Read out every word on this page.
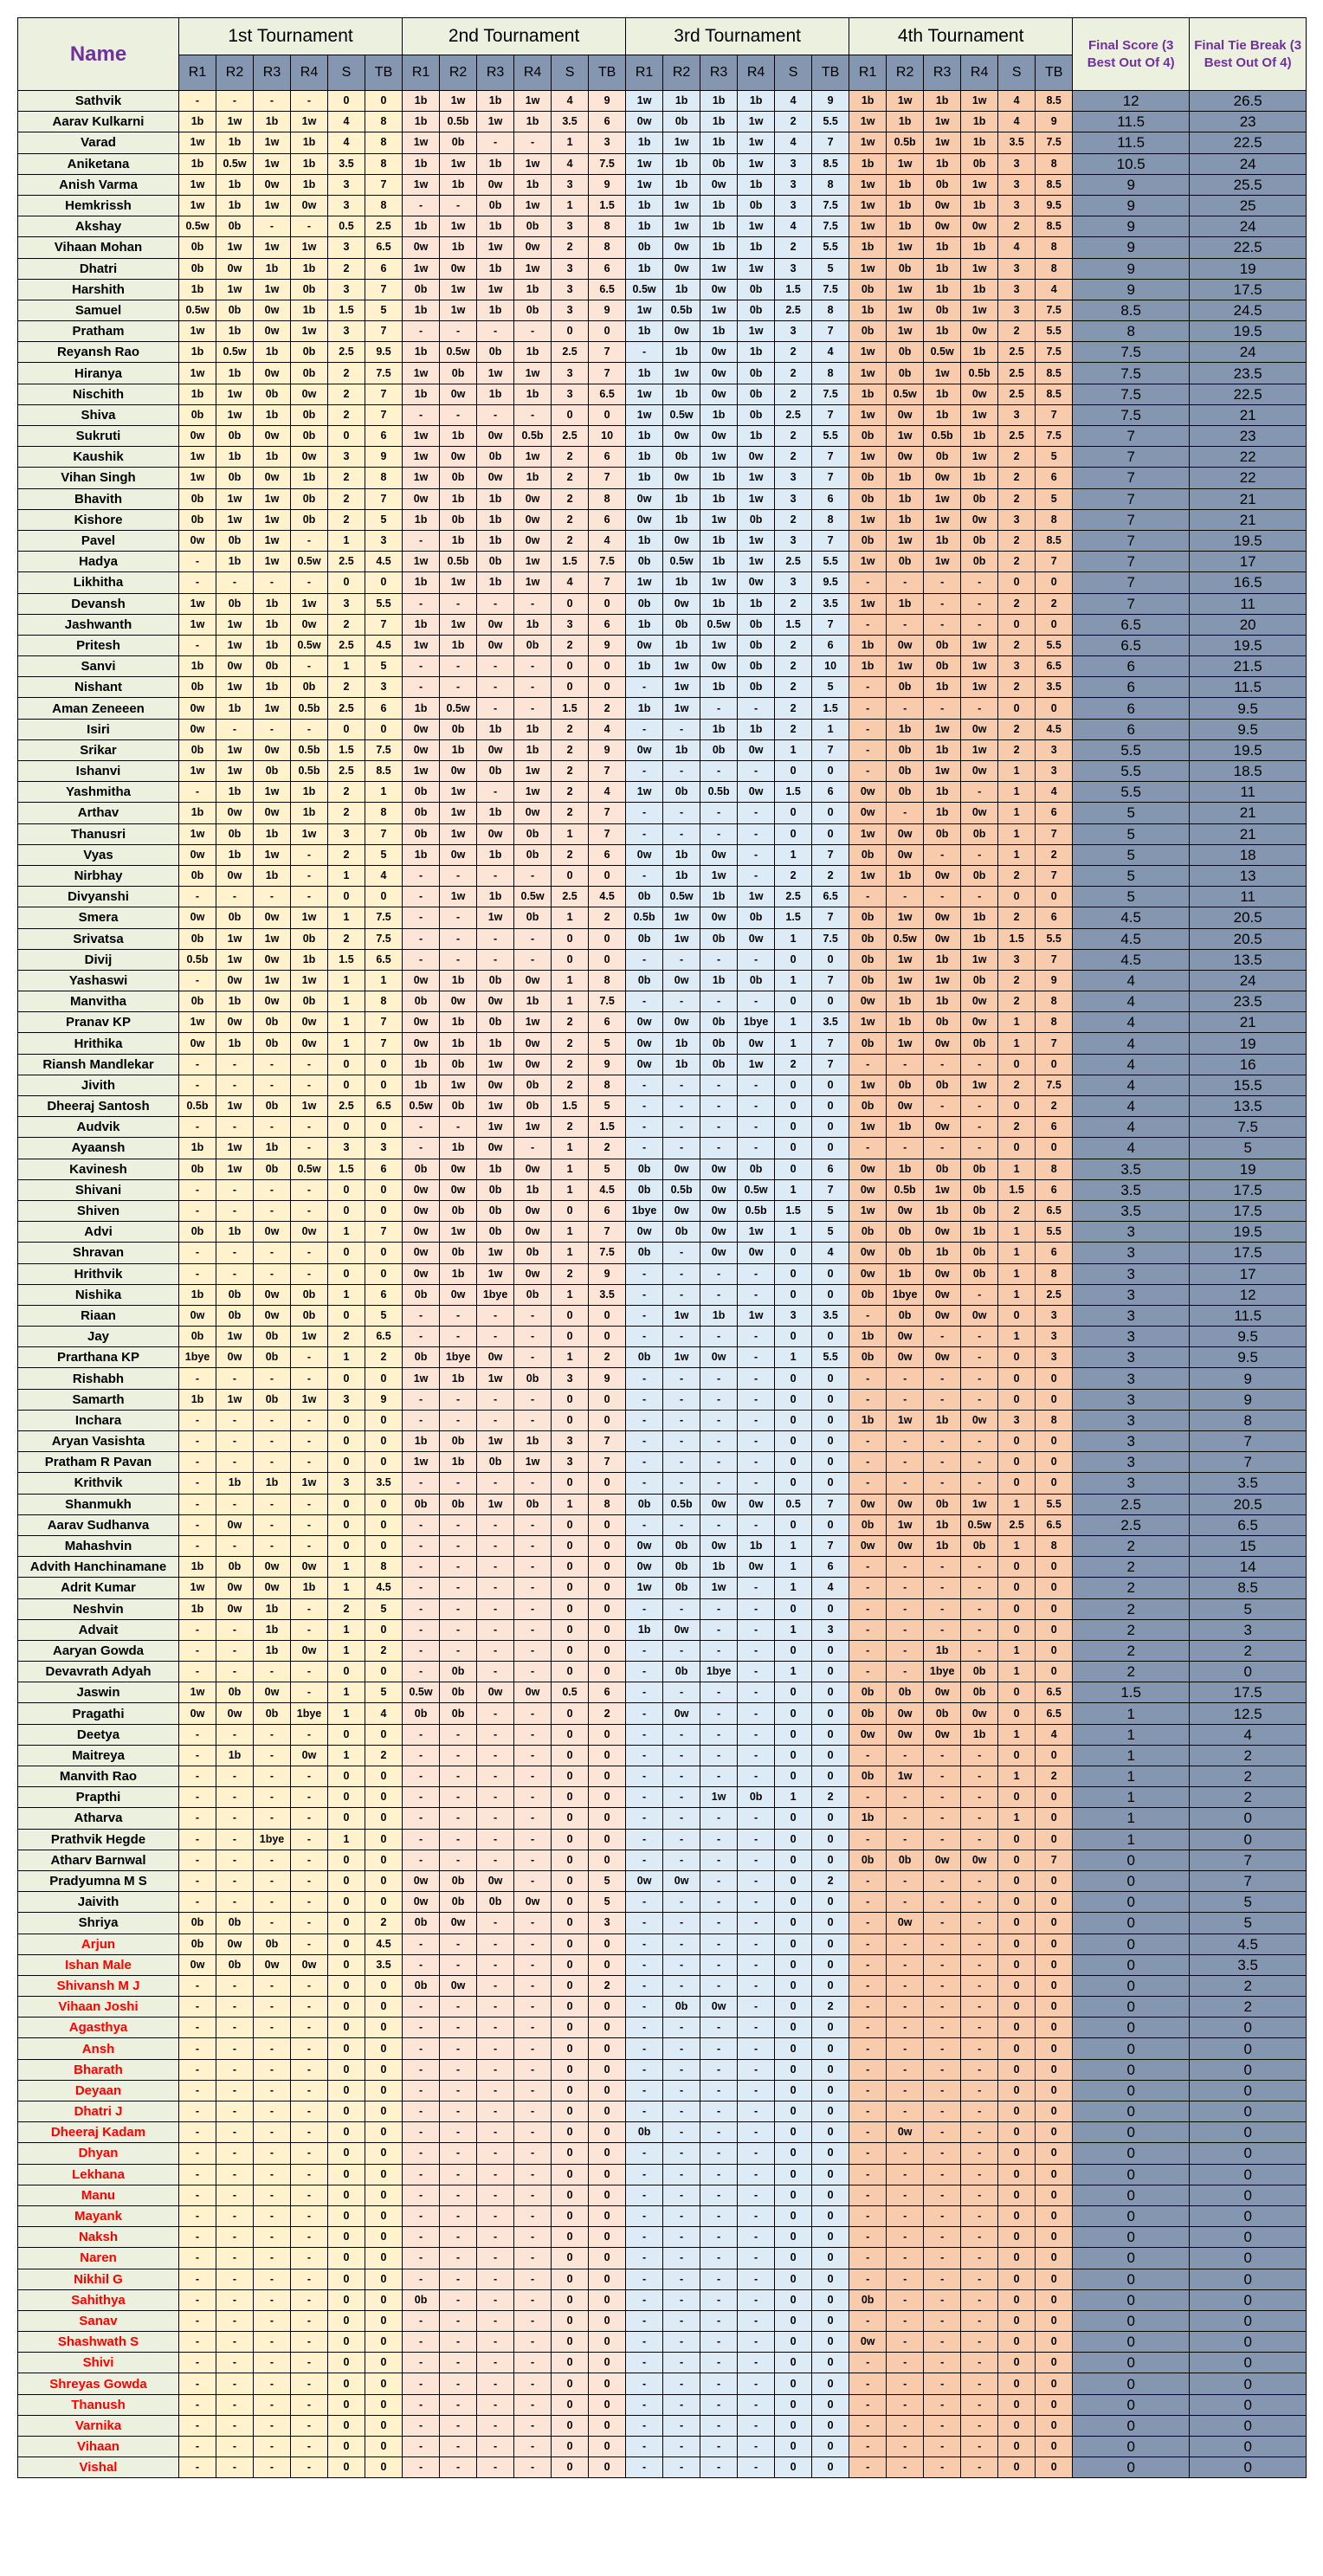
Name	1st Tournament						2nd Tournament						3rd Tournament						4th Tournament						Final Score (3 Best Out Of 4)	Final Tie Break (3 Best Out Of 4)
	R1	R2	R3	R4	S	TB	R1	R2	R3	R4	S	TB	R1	R2	R3	R4	S	TB	R1	R2	R3	R4	S	TB		
Sathvik	-	-	-	-	0	0	1b	1w	1b	1w	4	9	1w	1b	1b	1b	4	9	1b	1w	1b	1w	4	8.5	12	26.5
Aarav Kulkarni	1b	1w	1b	1w	4	8	1b	0.5b	1w	1b	3.5	6	0w	0b	1b	1w	2	5.5	1w	1b	1w	1b	4	9	11.5	23
Varad	1w	1b	1w	1b	4	8	1w	0b	-	-	1	3	1b	1w	1b	1w	4	7	1w	0.5b	1w	1b	3.5	7.5	11.5	22.5
Aniketana	1b	0.5w	1w	1b	3.5	8	1b	1w	1b	1w	4	7.5	1w	1b	0b	1w	3	8.5	1b	1w	1b	0b	3	8	10.5	24
Anish Varma	1w	1b	0w	1b	3	7	1w	1b	0w	1b	3	9	1w	1b	0w	1b	3	8	1w	1b	0b	1w	3	8.5	9	25.5
Hemkrissh	1w	1b	1w	0w	3	8	-	-	0b	1w	1	1.5	1b	1w	1b	0b	3	7.5	1w	1b	0w	1b	3	9.5	9	25
Akshay	0.5w	0b	-	-	0.5	2.5	1b	1w	1b	0b	3	8	1b	1w	1b	1w	4	7.5	1w	1b	0w	0w	2	8.5	9	24
Vihaan Mohan	0b	1w	1w	1w	3	6.5	0w	1b	1w	0w	2	8	0b	0w	1b	1b	2	5.5	1b	1w	1b	1b	4	8	9	22.5
Dhatri	0b	0w	1b	1b	2	6	1w	0w	1b	1w	3	6	1b	0w	1w	1w	3	5	1w	0b	1b	1w	3	8	9	19
Harshith	1b	1w	1w	0b	3	7	0b	1w	1w	1b	3	6.5	0.5w	1b	0w	0b	1.5	7.5	0b	1w	1b	1b	3	4	9	17.5
Samuel	0.5w	0b	0w	1b	1.5	5	1b	1w	1b	0b	3	9	1w	0.5b	1w	0b	2.5	8	1b	1w	0b	1w	3	7.5	8.5	24.5
Pratham	1w	1b	0w	1w	3	7	-	-	-	-	0	0	1b	0w	1b	1w	3	7	0b	1w	1b	0w	2	5.5	8	19.5
Reyansh Rao	1b	0.5w	1b	0b	2.5	9.5	1b	0.5w	0b	1b	2.5	7	-	1b	0w	1b	2	4	1w	0b	0.5w	1b	2.5	7.5	7.5	24
Hiranya	1w	1b	0w	0b	2	7.5	1w	0b	1w	1w	3	7	1b	1w	0w	0b	2	8	1w	0b	1w	0.5b	2.5	8.5	7.5	23.5
Nischith	1b	1w	0b	0w	2	7	1b	0w	1b	1b	3	6.5	1w	1b	0w	0b	2	7.5	1b	0.5w	1b	0w	2.5	8.5	7.5	22.5
Shiva	0b	1w	1b	0b	2	7	-	-	-	-	0	0	1w	0.5w	1b	0b	2.5	7	1w	0w	1b	1w	3	7	7.5	21
Sukruti	0w	0b	0w	0b	0	6	1w	1b	0w	0.5b	2.5	10	1b	0w	0w	1b	2	5.5	0b	1w	0.5b	1b	2.5	7.5	7	23
Kaushik	1w	1b	1b	0w	3	9	1w	0w	0b	1w	2	6	1b	0b	1w	0w	2	7	1w	0w	0b	1w	2	5	7	22
Vihan Singh	1w	0b	0w	1b	2	8	1w	0b	0w	1b	2	7	1b	0w	1b	1w	3	7	0b	1b	0w	1b	2	6	7	22
Bhavith	0b	1w	1w	0b	2	7	0w	1b	1b	0w	2	8	0w	1b	1b	1w	3	6	0b	1b	1w	0b	2	5	7	21
Kishore	0b	1w	1w	0b	2	5	1b	0b	1b	0w	2	6	0w	1b	1w	0b	2	8	1w	1b	1w	0w	3	8	7	21
Pavel	0w	0b	1w	-	1	3	-	1b	1b	0w	2	4	1b	0w	1b	1w	3	7	0b	1w	1b	0b	2	8.5	7	19.5
Hadya	-	1b	1w	0.5w	2.5	4.5	1w	0.5b	0b	1w	1.5	7.5	0b	0.5w	1b	1w	2.5	5.5	1w	0b	1w	0b	2	7	7	17
Likhitha	-	-	-	-	0	0	1b	1w	1b	1w	4	7	1w	1b	1w	0w	3	9.5	-	-	-	-	0	0	7	16.5
Devansh	1w	0b	1b	1w	3	5.5	-	-	-	-	0	0	0b	0w	1b	1b	2	3.5	1w	1b	-	-	2	2	7	11
Jashwanth	1w	1w	1b	0w	2	7	1b	1w	0w	1b	3	6	1b	0b	0.5w	0b	1.5	7	-	-	-	-	0	0	6.5	20
Pritesh	-	1w	1b	0.5w	2.5	4.5	1w	1b	0w	0b	2	9	0w	1b	1w	0b	2	6	1b	0w	0b	1w	2	5.5	6.5	19.5
Sanvi	1b	0w	0b	-	1	5	-	-	-	-	0	0	1b	1w	0w	0b	2	10	1b	1w	0b	1w	3	6.5	6	21.5
Nishant	0b	1w	1b	0b	2	3	-	-	-	-	0	0	-	1w	1b	0b	2	5	-	0b	1b	1w	2	3.5	6	11.5
Aman Zeneeen	0w	1b	1w	0.5b	2.5	6	1b	0.5w	-	-	1.5	2	1b	1w	-	-	2	1.5	-	-	-	-	0	0	6	9.5
Isiri	0w	-	-	-	0	0	0w	0b	1b	1b	2	4	-	-	1b	1b	2	1	-	1b	1w	0w	2	4.5	6	9.5
Srikar	0b	1w	0w	0.5b	1.5	7.5	0w	1b	0w	1b	2	9	0w	1b	0b	0w	1	7	-	0b	1b	1w	2	3	5.5	19.5
Ishanvi	1w	1w	0b	0.5b	2.5	8.5	1w	0w	0b	1w	2	7	-	-	-	-	0	0	-	0b	1w	0w	1	3	5.5	18.5
Yashmitha	-	1b	1w	1b	2	1	0b	1w	-	1w	2	4	1w	0b	0.5b	0w	1.5	6	0w	0b	1b	-	1	4	5.5	11
Arthav	1b	0w	0w	1b	2	8	0b	1w	1b	0w	2	7	-	-	-	-	0	0	0w	-	1b	0w	1	6	5	21
Thanusri	1w	0b	1b	1w	3	7	0b	1w	0w	0b	1	7	-	-	-	-	0	0	1w	0w	0b	0b	1	7	5	21
Vyas	0w	1b	1w	-	2	5	1b	0w	1b	0b	2	6	0w	1b	0w	-	1	7	0b	0w	-	-	1	2	5	18
Nirbhay	0b	0w	1b	-	1	4	-	-	-	-	0	0	-	1b	1w	-	2	2	1w	1b	0w	0b	2	7	5	13
Divyanshi	-	-	-	-	0	0	-	1w	1b	0.5w	2.5	4.5	0b	0.5w	1b	1w	2.5	6.5	-	-	-	-	0	0	5	11
Smera	0w	0b	0w	1w	1	7.5	-	-	1w	0b	1	2	0.5b	1w	0w	0b	1.5	7	0b	1w	0w	1b	2	6	4.5	20.5
Srivatsa	0b	1w	1w	0b	2	7.5	-	-	-	-	0	0	0b	1w	0b	0w	1	7.5	0b	0.5w	0w	1b	1.5	5.5	4.5	20.5
Divij	0.5b	1w	0w	1b	1.5	6.5	-	-	-	-	0	0	-	-	-	-	0	0	0b	1w	1b	1w	3	7	4.5	13.5
Yashaswi	-	0w	1w	1w	1	1	0w	1b	0b	0w	1	8	0b	0w	1b	0b	1	7	0b	1w	1w	0b	2	9	4	24
Manvitha	0b	1b	0w	0b	1	8	0b	0w	0w	1b	1	7.5	-	-	-	-	0	0	0w	1b	1b	0w	2	8	4	23.5
Pranav KP	1w	0w	0b	0w	1	7	0w	1b	0b	1w	2	6	0w	0w	0b	1bye	1	3.5	1w	1b	0b	0w	1	8	4	21
Hrithika	0w	1b	0b	0w	1	7	0w	1b	1b	0w	2	5	0w	1b	0b	0w	1	7	0b	1w	0w	0b	1	7	4	19
Riansh Mandlekar	-	-	-	-	0	0	1b	0b	1w	0w	2	9	0w	1b	0b	1w	2	7	-	-	-	-	0	0	4	16
Jivith	-	-	-	-	0	0	1b	1w	0w	0b	2	8	-	-	-	-	0	0	1w	0b	0b	1w	2	7.5	4	15.5
Dheeraj Santosh	0.5b	1w	0b	1w	2.5	6.5	0.5w	0b	1w	0b	1.5	5	-	-	-	-	0	0	0b	0w	-	-	0	2	4	13.5
Audvik	-	-	-	-	0	0	-	-	1w	1w	2	1.5	-	-	-	-	0	0	1w	1b	0w	-	2	6	4	7.5
Ayaansh	1b	1w	1b	-	3	3	-	1b	0w	-	1	2	-	-	-	-	0	0	-	-	-	-	0	0	4	5
Kavinesh	0b	1w	0b	0.5w	1.5	6	0b	0w	1b	0w	1	5	0b	0w	0w	0b	0	6	0w	1b	0b	0b	1	8	3.5	19
Shivani	-	-	-	-	0	0	0w	0w	0b	1b	1	4.5	0b	0.5b	0w	0.5w	1	7	0w	0.5b	1w	0b	1.5	6	3.5	17.5
Shiven	-	-	-	-	0	0	0w	0b	0b	0w	0	6	1bye	0w	0w	0.5b	1.5	5	1w	0w	1b	0b	2	6.5	3.5	17.5
Advi	0b	1b	0w	0w	1	7	0w	1w	0b	0w	1	7	0w	0b	0w	1w	1	5	0b	0b	0w	1b	1	5.5	3	19.5
Shravan	-	-	-	-	0	0	0w	0b	1w	0b	1	7.5	0b	-	0w	0w	0	4	0w	0b	1b	0b	1	6	3	17.5
Hrithvik	-	-	-	-	0	0	0w	1b	1w	0w	2	9	-	-	-	-	0	0	0w	1b	0w	0b	1	8	3	17
Nishika	1b	0b	0w	0b	1	6	0b	0w	1bye	0b	1	3.5	-	-	-	-	0	0	0b	1bye	0w	-	1	2.5	3	12
Riaan	0w	0b	0w	0b	0	5	-	-	-	-	0	0	-	1w	1b	1w	3	3.5	-	0b	0w	0w	0	3	3	11.5
Jay	0b	1w	0b	1w	2	6.5	-	-	-	-	0	0	-	-	-	-	0	0	1b	0w	-	-	1	3	3	9.5
Prarthana KP	1bye	0w	0b	-	1	2	0b	1bye	0w	-	1	2	0b	1w	0w	-	1	5.5	0b	0w	0w	-	0	3	3	9.5
Rishabh	-	-	-	-	0	0	1w	1b	1w	0b	3	9	-	-	-	-	0	0	-	-	-	-	0	0	3	9
Samarth	1b	1w	0b	1w	3	9	-	-	-	-	0	0	-	-	-	-	0	0	-	-	-	-	0	0	3	9
Inchara	-	-	-	-	0	0	-	-	-	-	0	0	-	-	-	-	0	0	1b	1w	1b	0w	3	8	3	8
Aryan Vasishta	-	-	-	-	0	0	1b	0b	1w	1b	3	7	-	-	-	-	0	0	-	-	-	-	0	0	3	7
Pratham R Pavan	-	-	-	-	0	0	1w	1b	0b	1w	3	7	-	-	-	-	0	0	-	-	-	-	0	0	3	7
Krithvik	-	1b	1b	1w	3	3.5	-	-	-	-	0	0	-	-	-	-	0	0	-	-	-	-	0	0	3	3.5
Shanmukh	-	-	-	-	0	0	0b	0b	1w	0b	1	8	0b	0.5b	0w	0w	0.5	7	0w	0w	0b	1w	1	5.5	2.5	20.5
Aarav Sudhanva	-	0w	-	-	0	0	-	-	-	-	0	0	-	-	-	-	0	0	0b	1w	1b	0.5w	2.5	6.5	2.5	6.5
Mahashvin	-	-	-	-	0	0	-	-	-	-	0	0	0w	0b	0w	1b	1	7	0w	0w	1b	0b	1	8	2	15
Advith Hanchinamane	1b	0b	0w	0w	1	8	-	-	-	-	0	0	0w	0b	1b	0w	1	6	-	-	-	-	0	0	2	14
Adrit Kumar	1w	0w	0w	1b	1	4.5	-	-	-	-	0	0	1w	0b	1w	-	1	4	-	-	-	-	0	0	2	8.5
Neshvin	1b	0w	1b	-	2	5	-	-	-	-	0	0	-	-	-	-	0	0	-	-	-	-	0	0	2	5
Advait	-	-	1b	-	1	0	-	-	-	-	0	0	1b	0w	-	-	1	3	-	-	-	-	0	0	2	3
Aaryan Gowda	-	-	1b	0w	1	2	-	-	-	-	0	0	-	-	-	-	0	0	-	-	1b	-	1	0	2	2
Devavrath Adyah	-	-	-	-	0	0	-	0b	-	-	0	0	-	0b	1bye	-	1	0	-	-	1bye	0b	1	0	2	0
Jaswin	1w	0b	0w	-	1	5	0.5w	0b	0w	0w	0.5	6	-	-	-	-	0	0	0b	0b	0w	0b	0	6.5	1.5	17.5
Pragathi	0w	0w	0b	1bye	1	4	0b	0b	-	-	0	2	-	0w	-	-	0	0	0b	0w	0b	0w	0	6.5	1	12.5
Deetya	-	-	-	-	0	0	-	-	-	-	0	0	-	-	-	-	0	0	0w	0w	0w	1b	1	4	1	4
Maitreya	-	1b	-	0w	1	2	-	-	-	-	0	0	-	-	-	-	0	0	-	-	-	-	0	0	1	2
Manvith Rao	-	-	-	-	0	0	-	-	-	-	0	0	-	-	-	-	0	0	0b	1w	-	-	1	2	1	2
Prapthi	-	-	-	-	0	0	-	-	-	-	0	0	-	-	1w	0b	1	2	-	-	-	-	0	0	1	2
Atharva	-	-	-	-	0	0	-	-	-	-	0	0	-	-	-	-	0	0	1b	-	-	-	1	0	1	0
Prathvik Hegde	-	-	1bye	-	1	0	-	-	-	-	0	0	-	-	-	-	0	0	-	-	-	-	0	0	1	0
Atharv Barnwal	-	-	-	-	0	0	-	-	-	-	0	0	-	-	-	-	0	0	0b	0b	0w	0w	0	7	0	7
Pradyumna M S	-	-	-	-	0	0	0w	0b	0w	-	0	5	0w	0w	-	-	0	2	-	-	-	-	0	0	0	7
Jaivith	-	-	-	-	0	0	0w	0b	0b	0w	0	5	-	-	-	-	0	0	-	-	-	-	0	0	0	5
Shriya	0b	0b	-	-	0	2	0b	0w	-	-	0	3	-	-	-	-	0	0	-	0w	-	-	0	0	0	5
Arjun	0b	0w	0b	-	0	4.5	-	-	-	-	0	0	-	-	-	-	0	0	-	-	-	-	0	0	0	4.5
Ishan Male	0w	0b	0w	0w	0	3.5	-	-	-	-	0	0	-	-	-	-	0	0	-	-	-	-	0	0	0	3.5
Shivansh M J	-	-	-	-	0	0	0b	0w	-	-	0	2	-	-	-	-	0	0	-	-	-	-	0	0	0	2
Vihaan Joshi	-	-	-	-	0	0	-	-	-	-	0	0	-	0b	0w	-	0	2	-	-	-	-	0	0	0	2
Agasthya	-	-	-	-	0	0	-	-	-	-	0	0	-	-	-	-	0	0	-	-	-	-	0	0	0	0
Ansh	-	-	-	-	0	0	-	-	-	-	0	0	-	-	-	-	0	0	-	-	-	-	0	0	0	0
Bharath	-	-	-	-	0	0	-	-	-	-	0	0	-	-	-	-	0	0	-	-	-	-	0	0	0	0
Deyaan	-	-	-	-	0	0	-	-	-	-	0	0	-	-	-	-	0	0	-	-	-	-	0	0	0	0
Dhatri J	-	-	-	-	0	0	-	-	-	-	0	0	-	-	-	-	0	0	-	-	-	-	0	0	0	0
Dheeraj Kadam	-	-	-	-	0	0	-	-	-	-	0	0	0b	-	-	-	0	0	-	0w	-	-	0	0	0	0
Dhyan	-	-	-	-	0	0	-	-	-	-	0	0	-	-	-	-	0	0	-	-	-	-	0	0	0	0
Lekhana	-	-	-	-	0	0	-	-	-	-	0	0	-	-	-	-	0	0	-	-	-	-	0	0	0	0
Manu	-	-	-	-	0	0	-	-	-	-	0	0	-	-	-	-	0	0	-	-	-	-	0	0	0	0
Mayank	-	-	-	-	0	0	-	-	-	-	0	0	-	-	-	-	0	0	-	-	-	-	0	0	0	0
Naksh	-	-	-	-	0	0	-	-	-	-	0	0	-	-	-	-	0	0	-	-	-	-	0	0	0	0
Naren	-	-	-	-	0	0	-	-	-	-	0	0	-	-	-	-	0	0	-	-	-	-	0	0	0	0
Nikhil G	-	-	-	-	0	0	-	-	-	-	0	0	-	-	-	-	0	0	-	-	-	-	0	0	0	0
Sahithya	-	-	-	-	0	0	0b	-	-	-	0	0	-	-	-	-	0	0	0b	-	-	-	0	0	0	0
Sanav	-	-	-	-	0	0	-	-	-	-	0	0	-	-	-	-	0	0	-	-	-	-	0	0	0	0
Shashwath S	-	-	-	-	0	0	-	-	-	-	0	0	-	-	-	-	0	0	0w	-	-	-	0	0	0	0
Shivi	-	-	-	-	0	0	-	-	-	-	0	0	-	-	-	-	0	0	-	-	-	-	0	0	0	0
Shreyas Gowda	-	-	-	-	0	0	-	-	-	-	0	0	-	-	-	-	0	0	-	-	-	-	0	0	0	0
Thanush	-	-	-	-	0	0	-	-	-	-	0	0	-	-	-	-	0	0	-	-	-	-	0	0	0	0
Varnika	-	-	-	-	0	0	-	-	-	-	0	0	-	-	-	-	0	0	-	-	-	-	0	0	0	0
Vihaan	-	-	-	-	0	0	-	-	-	-	0	0	-	-	-	-	0	0	-	-	-	-	0	0	0	0
Vishal	-	-	-	-	0	0	-	-	-	-	0	0	-	-	-	-	0	0	-	-	-	-	0	0	0	0
